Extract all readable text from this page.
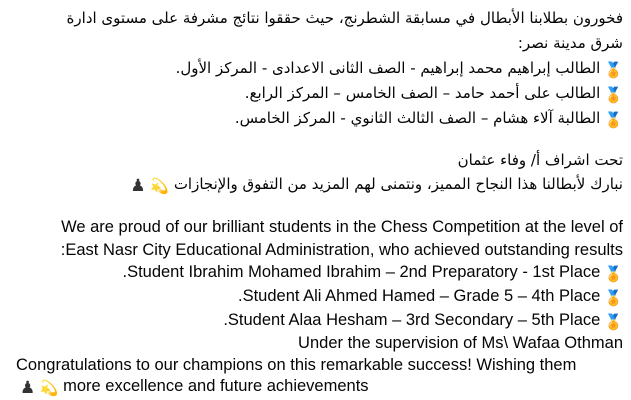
فخورون بطلابنا الأبطال في مسابقة الشطرنج، حيث حققوا نتائج مشرفة على مستوى ادارة
شرق مدينة نصر:
🏅الطالب إبراهيم محمد إبراهيم - الصف الثانى الاعدادى - المركز الأول.
🏅الطالب على أحمد حامد – الصف الخامس – المركز الرابع.
🏅الطالبة آلاء هشام – الصف الثالث الثانوي - المركز الخامس.
تحت اشراف أ/ وفاء عثمان
نبارك لأبطالنا هذا النجاح المميز، ونتمنى لهم المزيد من التفوق والإنجازات 💫 ♟
We are proud of our brilliant students in the Chess Competition at the level of
East Nasr City Educational Administration, who achieved outstanding results:
🏅Student Ibrahim Mohamed Ibrahim – 2nd Preparatory - 1st Place.
🏅Student Ali Ahmed Hamed – Grade 5 – 4th Place.
🏅Student Alaa Hesham – 3rd Secondary – 5th Place.
Under the supervision of Ms\ Wafaa Othman
Congratulations to our champions on this remarkable success! Wishing them
♟ 💫 more excellence and future achievements
